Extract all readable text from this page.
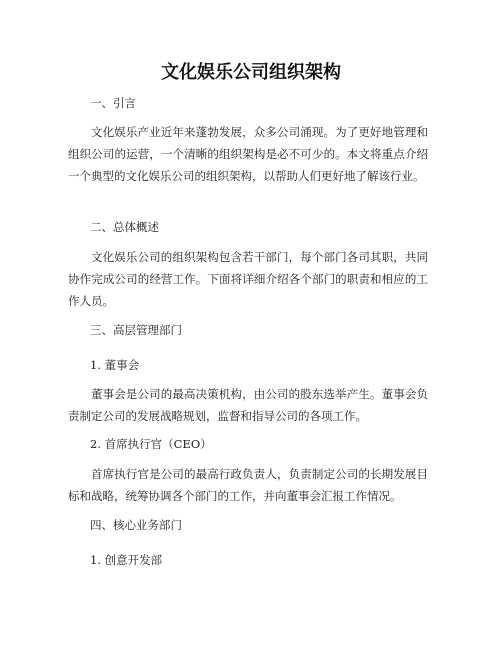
文化娱乐公司组织架构

一、引言

文化娱乐产业近年来蓬勃发展，众多公司涌现。为了更好地管理和组织公司的运营，一个清晰的组织架构是必不可少的。本文将重点介绍一个典型的文化娱乐公司的组织架构，以帮助人们更好地了解该行业。

二、总体概述

文化娱乐公司的组织架构包含若干部门，每个部门各司其职，共同协作完成公司的经营工作。下面将详细介绍各个部门的职责和相应的工作人员。

三、高层管理部门

1. 董事会

董事会是公司的最高决策机构，由公司的股东选举产生。董事会负责制定公司的发展战略规划，监督和指导公司的各项工作。

2. 首席执行官（CEO）

首席执行官是公司的最高行政负责人，负责制定公司的长期发展目标和战略，统筹协调各个部门的工作，并向董事会汇报工作情况。

四、核心业务部门

1. 创意开发部
